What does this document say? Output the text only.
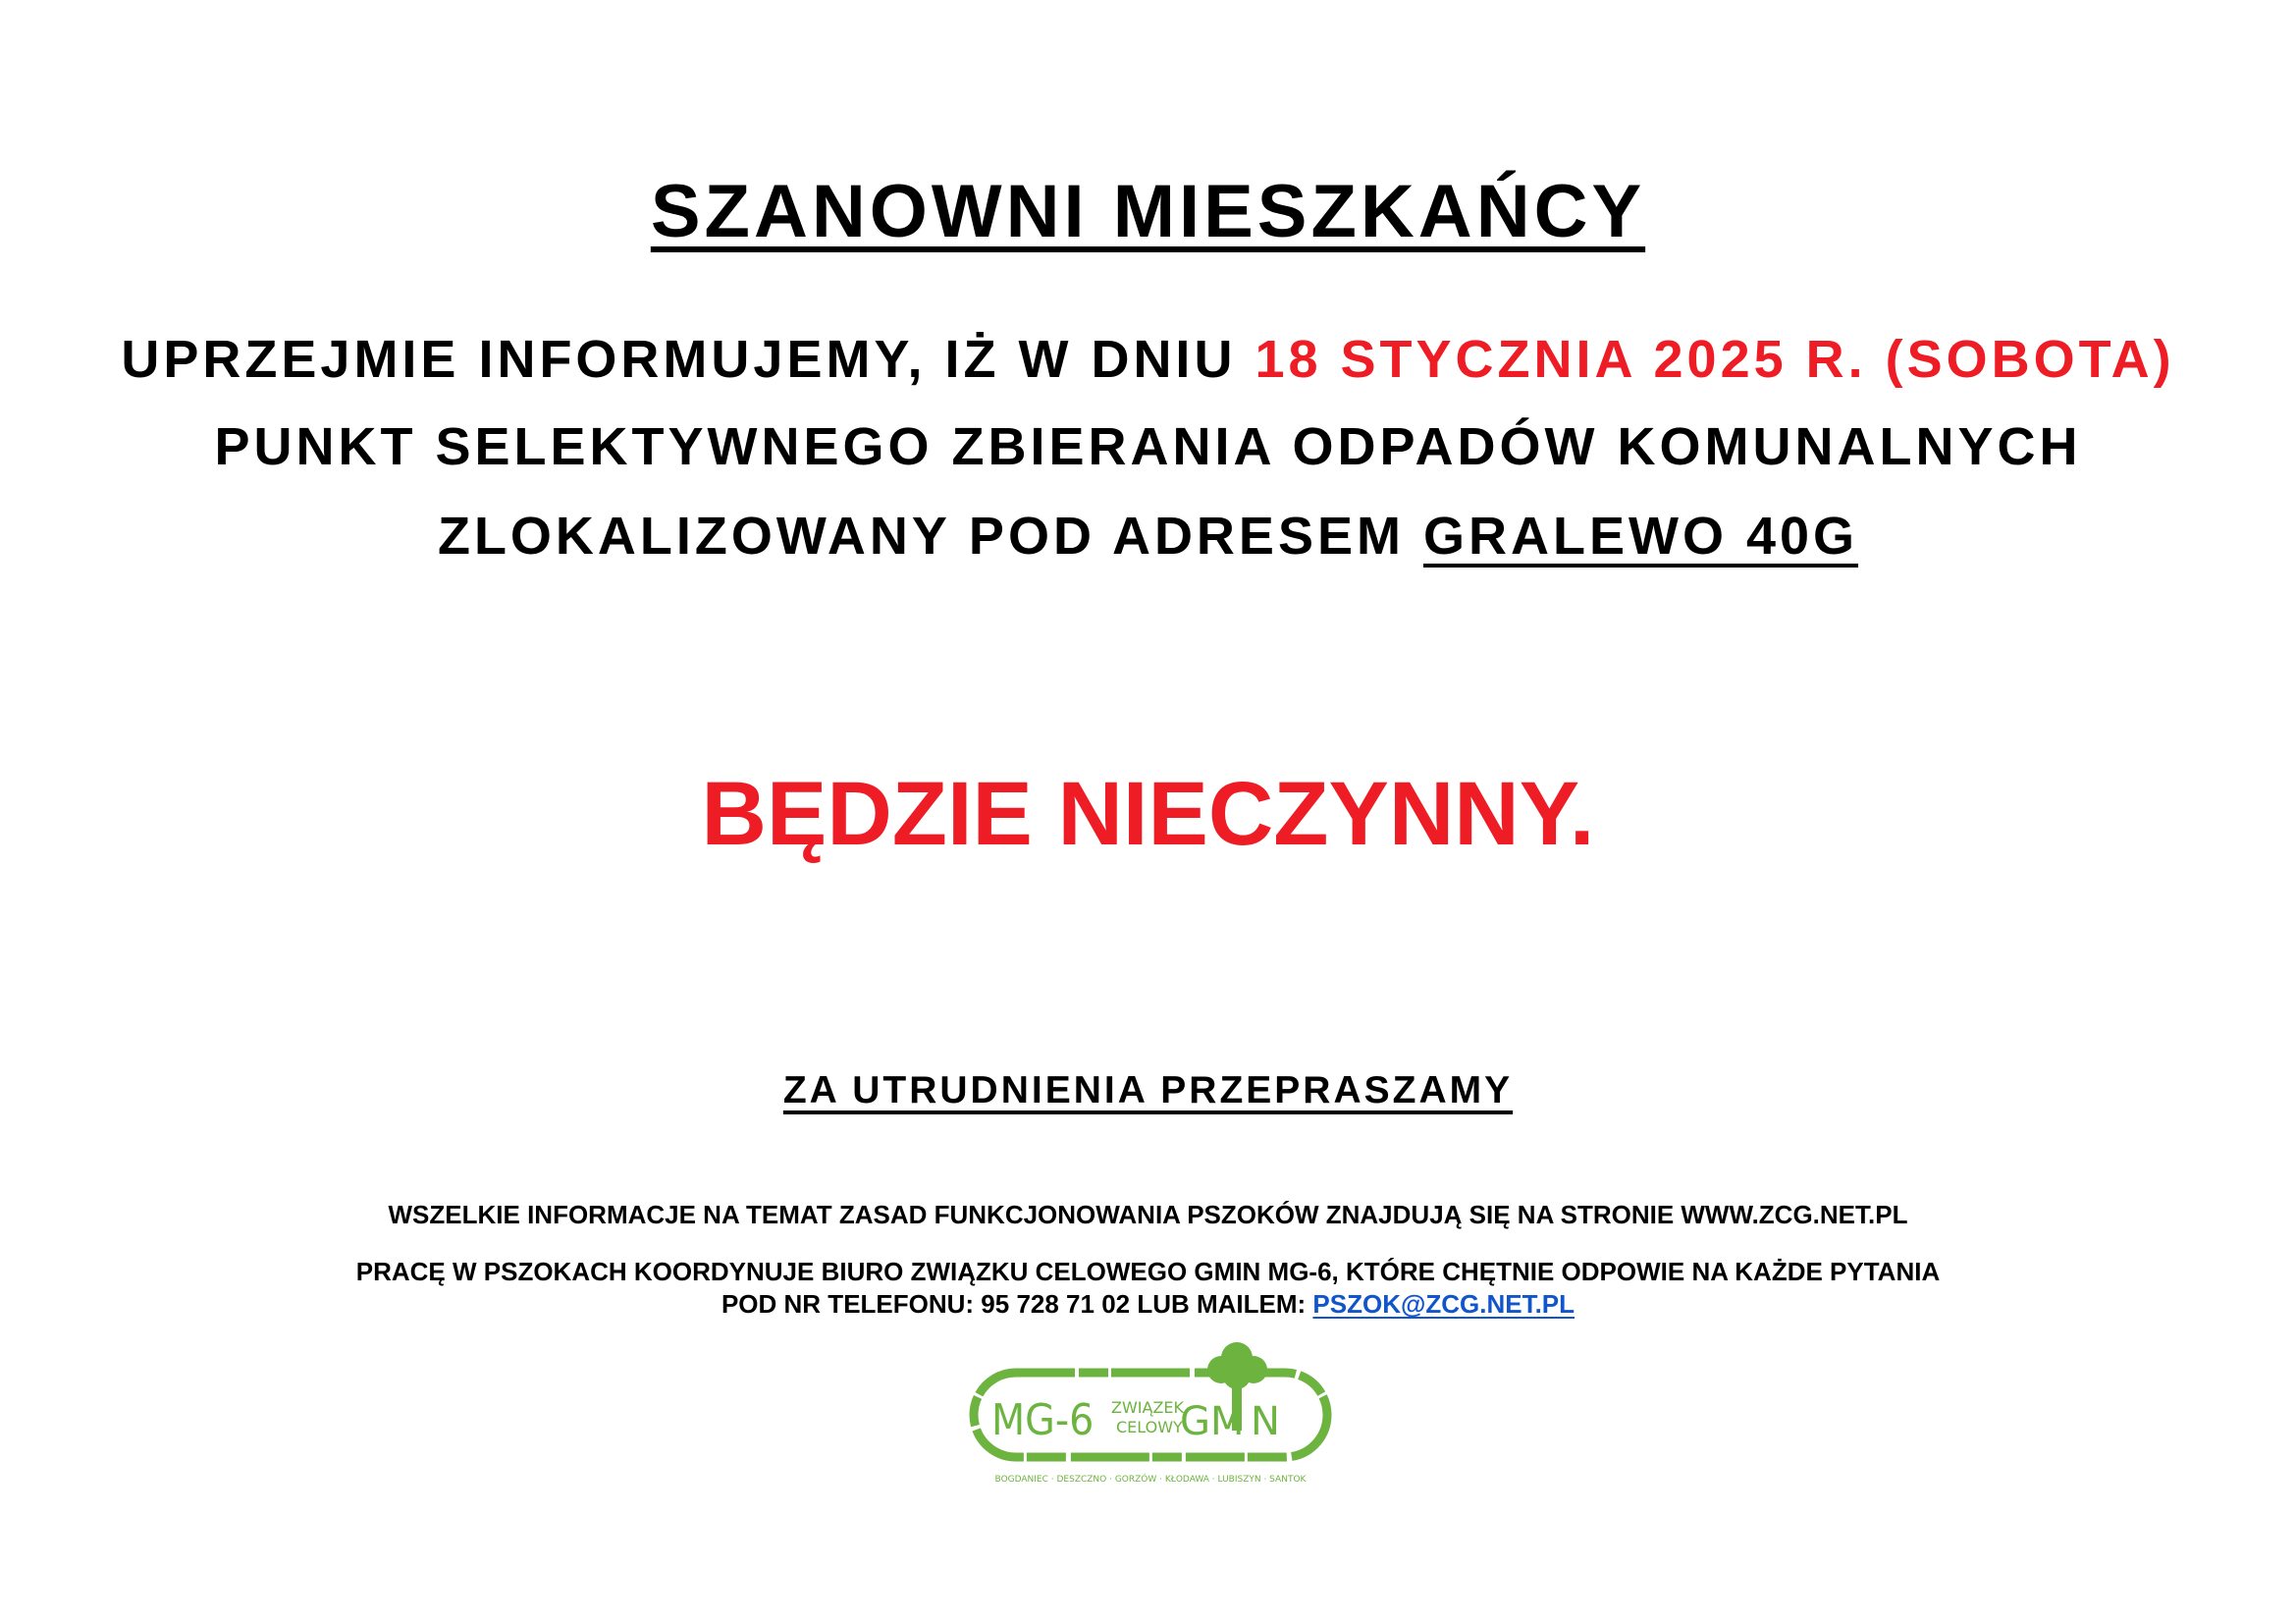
SZANOWNI MIESZKAŃCY
UPRZEJMIE INFORMUJEMY, IŻ W DNIU 18 STYCZNIA 2025 R. (SOBOTA)
PUNKT SELEKTYWNEGO ZBIERANIA ODPADÓW KOMUNALNYCH
ZLOKALIZOWANY POD ADRESEM GRALEWO 40G
BĘDZIE NIECZYNNY.
ZA UTRUDNIENIA PRZEPRASZAMY
WSZELKIE INFORMACJE NA TEMAT ZASAD FUNKCJONOWANIA PSZOKÓW ZNAJDUJĄ SIĘ NA STRONIE WWW.ZCG.NET.PL
PRACĘ W PSZOKACH KOORDYNUJE BIURO ZWIĄZKU CELOWEGO GMIN MG-6, KTÓRE CHĘTNIE ODPOWIE NA KAŻDE PYTANIA
POD NR TELEFONU: 95 728 71 02 LUB MAILEM: PSZOK@ZCG.NET.PL
MG-6 ZWIĄZEK
CELOWY
GM N
BOGDANIEC · DESZCZNO · GORZÓW · KŁODAWA · LUBISZYN · SANTOK
